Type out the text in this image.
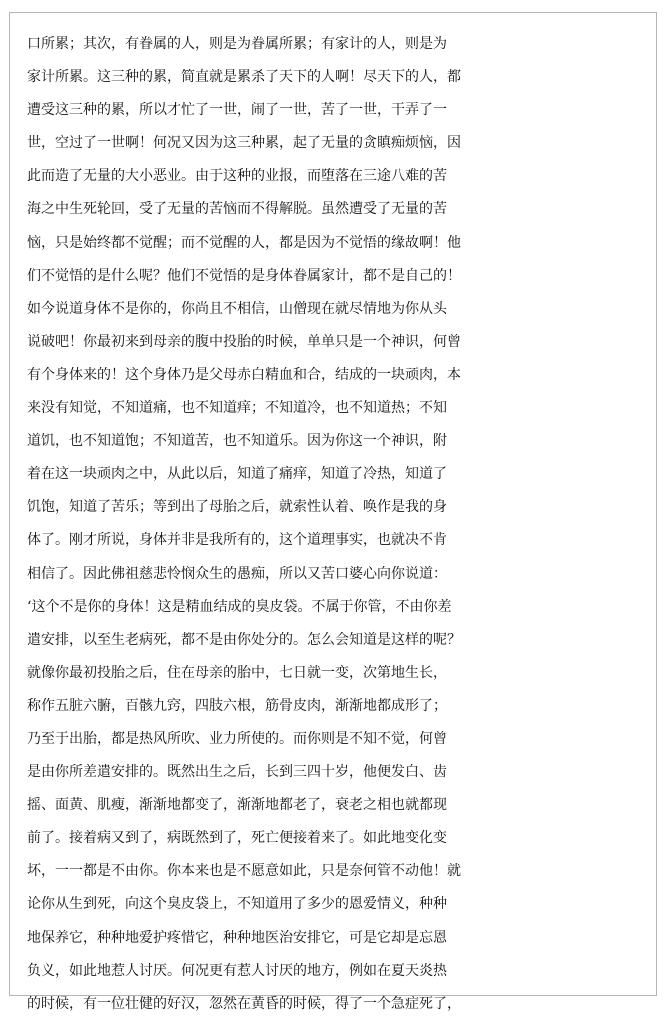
口所累；其次，有眷属的人，则是为眷属所累；有家计的人，则是为
家计所累。这三种的累，简直就是累杀了天下的人啊！尽天下的人，都
遭受这三种的累，所以才忙了一世，闹了一世，苦了一世，干弄了一
世，空过了一世啊！何况又因为这三种累，起了无量的贪瞋痴烦恼，因
此而造了无量的大小恶业。由于这种的业报，而堕落在三途八难的苦
海之中生死轮回，受了无量的苦恼而不得解脱。虽然遭受了无量的苦
恼，只是始终都不觉醒；而不觉醒的人，都是因为不觉悟的缘故啊！他
们不觉悟的是什么呢？他们不觉悟的是身体眷属家计，都不是自己的！
如今说道身体不是你的，你尚且不相信，山僧现在就尽情地为你从头
说破吧！你最初来到母亲的腹中投胎的时候，单单只是一个神识，何曾
有个身体来的！这个身体乃是父母赤白精血和合，结成的一块顽肉，本
来没有知觉，不知道痛，也不知道痒；不知道冷，也不知道热；不知
道饥，也不知道饱；不知道苦，也不知道乐。因为你这一个神识，附
着在这一块顽肉之中，从此以后，知道了痛痒，知道了冷热，知道了
饥饱，知道了苦乐；等到出了母胎之后，就索性认着、唤作是我的身
体了。刚才所说，身体并非是我所有的，这个道理事实，也就决不肯
相信了。因此佛祖慈悲怜悯众生的愚痴，所以又苦口婆心向你说道：
‘这个不是你的身体！这是精血结成的臭皮袋。不属于你管，不由你差
遣安排，以至生老病死，都不是由你处分的。怎么会知道是这样的呢？
就像你最初投胎之后，住在母亲的胎中，七日就一变，次第地生长，
称作五脏六腑，百骸九窍，四肢六根，筋骨皮肉，渐渐地都成形了；
乃至于出胎，都是热风所吹、业力所使的。而你则是不知不觉，何曾
是由你所差遣安排的。既然出生之后，长到三四十岁，他便发白、齿
摇、面黄、肌瘦，渐渐地都变了，渐渐地都老了，衰老之相也就都现
前了。接着病又到了，病既然到了，死亡便接着来了。如此地变化变
坏，一一都是不由你。你本来也是不愿意如此，只是奈何管不动他！就
论你从生到死，向这个臭皮袋上，不知道用了多少的恩爱情义，种种
地保养它，种种地爱护疼惜它，种种地医治安排它，可是它却是忘恩
负义，如此地惹人讨厌。何况更有惹人讨厌的地方，例如在夏天炎热
的时候，有一位壮健的好汉，忽然在黄昏的时候，得了一个急症死了，
